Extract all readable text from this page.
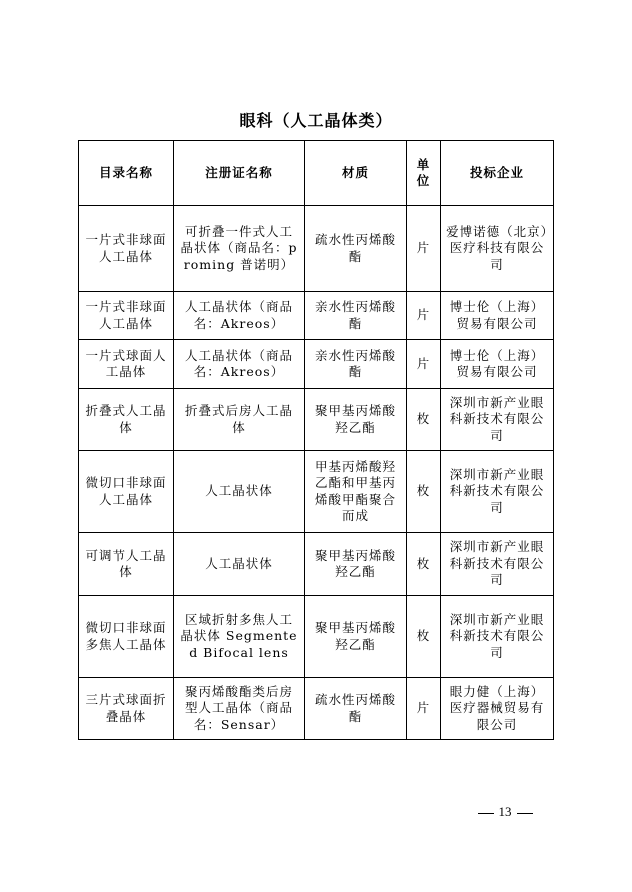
眼科（人工晶体类）
目录名称	注册证名称	材质	单位	投标企业
一片式非球面人工晶体	可折叠一件式人工晶状体（商品名：proming 普诺明）	疏水性丙烯酸酯	片	爱博诺德（北京）医疗科技有限公司
一片式非球面人工晶体	人工晶状体（商品名：Akreos）	亲水性丙烯酸酯	片	博士伦（上海）贸易有限公司
一片式球面人工晶体	人工晶状体（商品名：Akreos）	亲水性丙烯酸酯	片	博士伦（上海）贸易有限公司
折叠式人工晶体	折叠式后房人工晶体	聚甲基丙烯酸羟乙酯	枚	深圳市新产业眼科新技术有限公司
微切口非球面人工晶体	人工晶状体	甲基丙烯酸羟乙酯和甲基丙烯酸甲酯聚合而成	枚	深圳市新产业眼科新技术有限公司
可调节人工晶体	人工晶状体	聚甲基丙烯酸羟乙酯	枚	深圳市新产业眼科新技术有限公司
微切口非球面多焦人工晶体	区域折射多焦人工晶状体 Segmented Bifocal lens	聚甲基丙烯酸羟乙酯	枚	深圳市新产业眼科新技术有限公司
三片式球面折叠晶体	聚丙烯酸酯类后房型人工晶体（商品名：Sensar）	疏水性丙烯酸酯	片	眼力健（上海）医疗器械贸易有限公司
13
